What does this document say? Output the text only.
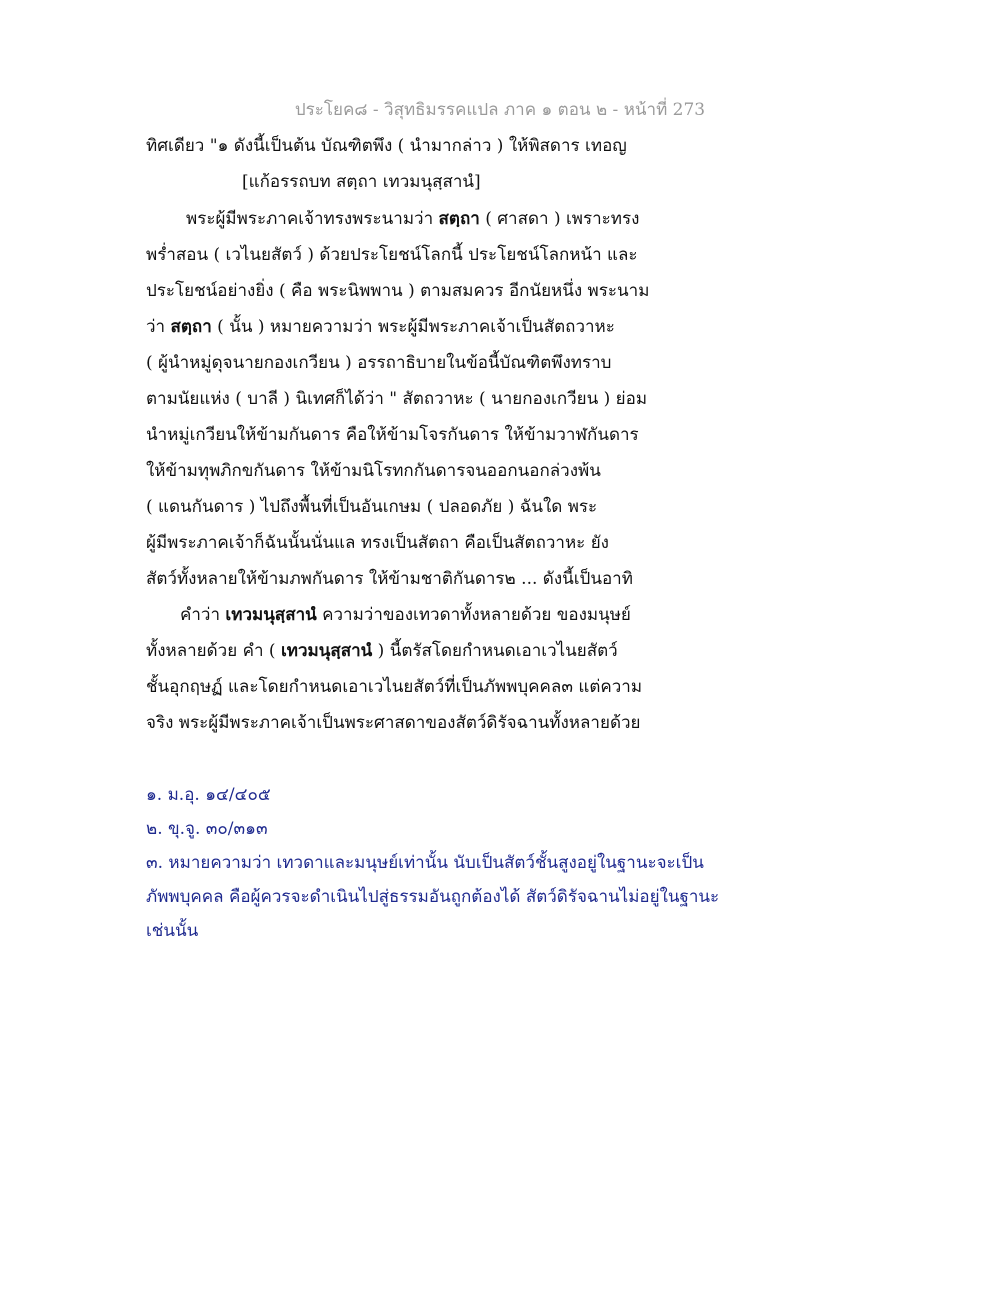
ประโยค๘ - วิสุทธิมรรคแปล ภาค ๑ ตอน ๒ - หน้าที่ 273
ทิศเดียว "๑ ดังนี้เป็นต้น บัณฑิตพึง ( นำมากล่าว ) ให้พิสดาร เทอญ
[แก้อรรถบท สตฺถา เทวมนุสฺสานํ]
พระผู้มีพระภาคเจ้าทรงพระนามว่า สตฺถา ( ศาสดา ) เพราะทรง
พร่ำสอน ( เวไนยสัตว์ ) ด้วยประโยชน์โลกนี้ ประโยชน์โลกหน้า และ
ประโยชน์อย่างยิ่ง ( คือ พระนิพพาน ) ตามสมควร อีกนัยหนึ่ง พระนาม
ว่า สตฺถา ( นั้น ) หมายความว่า พระผู้มีพระภาคเจ้าเป็นสัตถวาหะ
( ผู้นำหมู่ดุจนายกองเกวียน ) อรรถาธิบายในข้อนี้บัณฑิตพึงทราบ
ตามนัยแห่ง ( บาลี ) นิเทศก็ได้ว่า " สัตถวาหะ ( นายกองเกวียน ) ย่อม
นำหมู่เกวียนให้ข้ามกันดาร คือให้ข้ามโจรกันดาร ให้ข้ามวาฬกันดาร
ให้ข้ามทุพภิกขกันดาร ให้ข้ามนิโรทกกันดารจนออกนอกล่วงพ้น
( แดนกันดาร ) ไปถึงพื้นที่เป็นอันเกษม ( ปลอดภัย ) ฉันใด พระ
ผู้มีพระภาคเจ้าก็ฉันนั้นนั่นแล ทรงเป็นสัตถา คือเป็นสัตถวาหะ ยัง
สัตว์ทั้งหลายให้ข้ามภพกันดาร ให้ข้ามชาติกันดาร๒ ... ดังนี้เป็นอาทิ
คำว่า เทวมนุสฺสานํ ความว่าของเทวดาทั้งหลายด้วย ของมนุษย์
ทั้งหลายด้วย คำ ( เทวมนุสฺสานํ ) นี้ตรัสโดยกำหนดเอาเวไนยสัตว์
ชั้นอุกฤษฏ์ และโดยกำหนดเอาเวไนยสัตว์ที่เป็นภัพพบุคคล๓ แต่ความ
จริง พระผู้มีพระภาคเจ้าเป็นพระศาสดาของสัตว์ดิรัจฉานทั้งหลายด้วย
๑. ม.อุ. ๑๔/๔๐๕
๒. ขุ.จู. ๓๐/๓๑๓
๓. หมายความว่า เทวดาและมนุษย์เท่านั้น นับเป็นสัตว์ชั้นสูงอยู่ในฐานะจะเป็น
ภัพพบุคคล คือผู้ควรจะดำเนินไปสู่ธรรมอันถูกต้องได้ สัตว์ดิรัจฉานไม่อยู่ในฐานะ
เช่นนั้น
